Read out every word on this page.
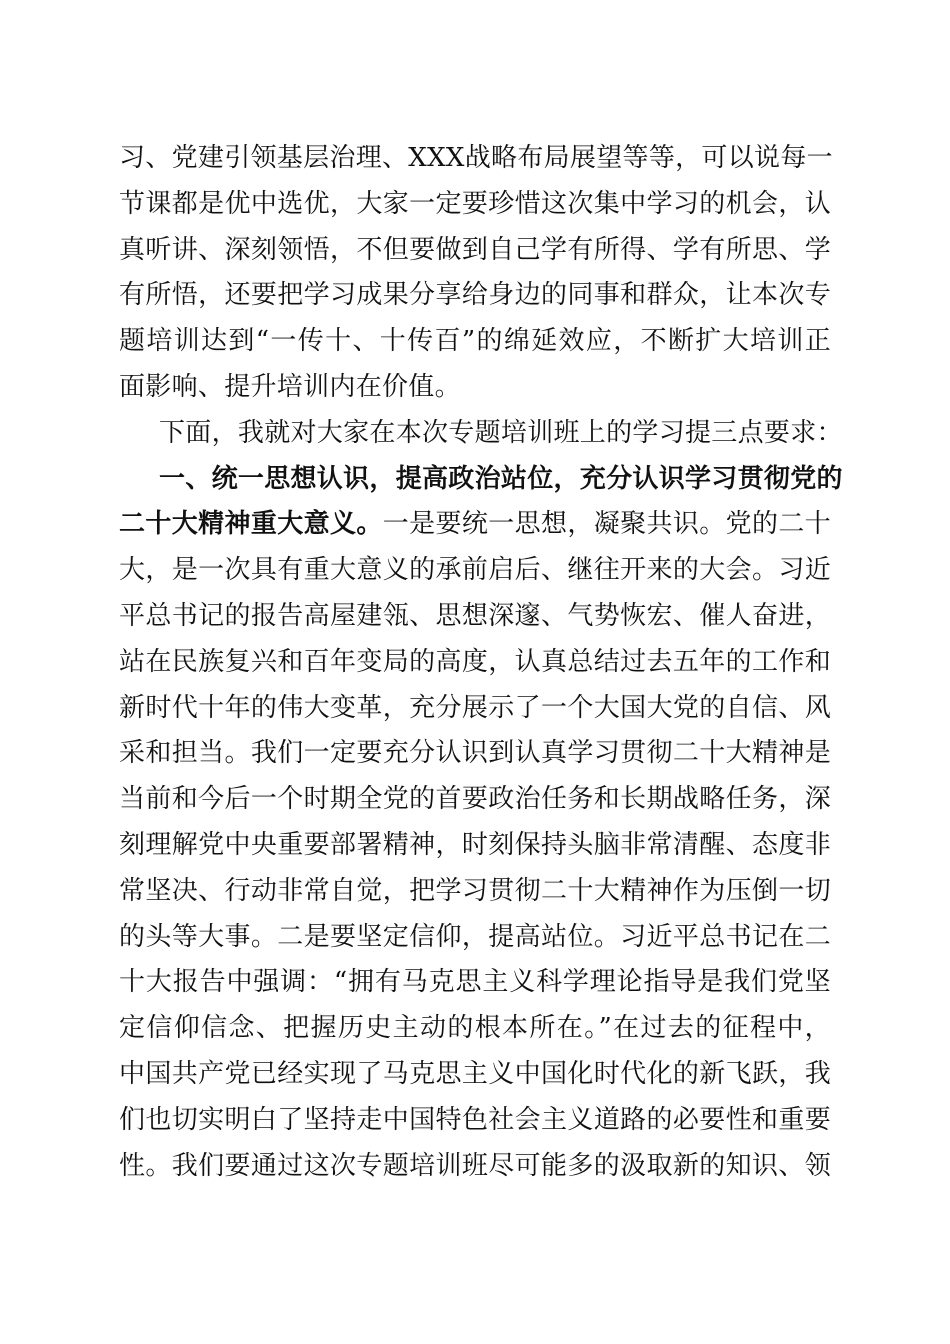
习、党建引领基层治理、XXX战略布局展望等等，可以说每一
节课都是优中选优，大家一定要珍惜这次集中学习的机会，认
真听讲、深刻领悟，不但要做到自己学有所得、学有所思、学
有所悟，还要把学习成果分享给身边的同事和群众，让本次专
题培训达到“一传十、十传百”的绵延效应，不断扩大培训正
面影响、提升培训内在价值。
下面，我就对大家在本次专题培训班上的学习提三点要求：
一、统一思想认识，提高政治站位，充分认识学习贯彻党的
二十大精神重大意义。一是要统一思想，凝聚共识。党的二十
大，是一次具有重大意义的承前启后、继往开来的大会。习近
平总书记的报告高屋建瓴、思想深邃、气势恢宏、催人奋进，
站在民族复兴和百年变局的高度，认真总结过去五年的工作和
新时代十年的伟大变革，充分展示了一个大国大党的自信、风
采和担当。我们一定要充分认识到认真学习贯彻二十大精神是
当前和今后一个时期全党的首要政治任务和长期战略任务，深
刻理解党中央重要部署精神，时刻保持头脑非常清醒、态度非
常坚决、行动非常自觉，把学习贯彻二十大精神作为压倒一切
的头等大事。二是要坚定信仰，提高站位。习近平总书记在二
十大报告中强调：“拥有马克思主义科学理论指导是我们党坚
定信仰信念、把握历史主动的根本所在。”在过去的征程中，
中国共产党已经实现了马克思主义中国化时代化的新飞跃，我
们也切实明白了坚持走中国特色社会主义道路的必要性和重要
性。我们要通过这次专题培训班尽可能多的汲取新的知识、领
